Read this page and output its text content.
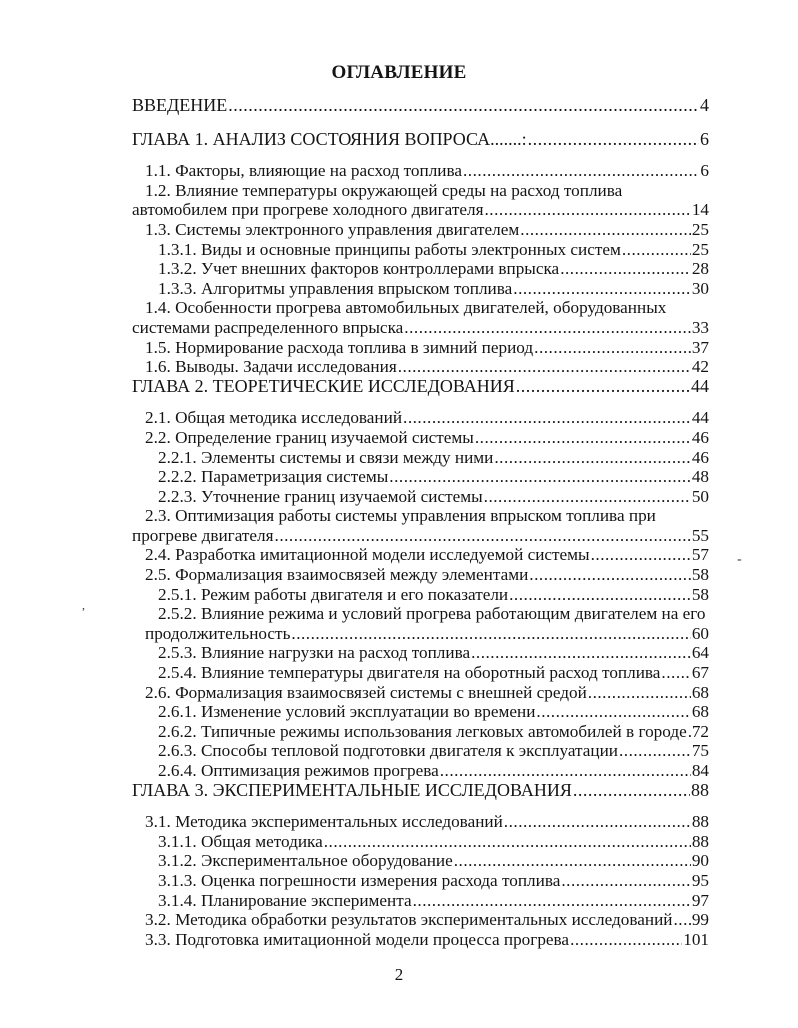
ОГЛАВЛЕНИЕ
ВВЕДЕНИЕ .....	4
ГЛАВА 1. АНАЛИЗ СОСТОЯНИЯ ВОПРОСА.......: .....	6
1.1. Факторы, влияющие на расход топлива .....	6
1.2. Влияние температуры окружающей среды на расход топлива
автомобилем при прогреве холодного двигателя .....	14
1.3. Системы электронного управления двигателем .....	25
1.3.1. Виды и основные принципы работы электронных систем .....	25
1.3.2. Учет внешних факторов контроллерами впрыска .....	28
1.3.3. Алгоритмы управления впрыском топлива .....	30
1.4. Особенности прогрева автомобильных двигателей, оборудованных
системами распределенного впрыска .....	33
1.5. Нормирование расхода топлива в зимний период .....	37
1.6. Выводы. Задачи исследования .....	42
ГЛАВА 2. ТЕОРЕТИЧЕСКИЕ ИССЛЕДОВАНИЯ .....	44
2.1. Общая методика исследований .....	44
2.2. Определение границ изучаемой системы .....	46
2.2.1. Элементы системы и связи между ними .....	46
2.2.2. Параметризация системы .....	48
2.2.3. Уточнение границ изучаемой системы .....	50
2.3. Оптимизация работы системы управления впрыском топлива при
прогреве двигателя .....	55
2.4. Разработка имитационной модели исследуемой системы .....	57
2.5. Формализация взаимосвязей между элементами .....	58
2.5.1. Режим работы двигателя и его показатели .....	58
2.5.2. Влияние режима и условий прогрева работающим двигателем на его
продолжительность .....	60
2.5.3. Влияние нагрузки на расход топлива .....	64
2.5.4. Влияние температуры двигателя на оборотный расход топлива ..... 67
2.6. Формализация взаимосвязей системы с внешней средой .....	68
2.6.1. Изменение условий эксплуатации во времени .....	68
2.6.2. Типичные режимы использования легковых автомобилей в городе ..... 72
2.6.3. Способы тепловой подготовки двигателя к эксплуатации .....	75
2.6.4. Оптимизация режимов прогрева .....	84
ГЛАВА 3. ЭКСПЕРИМЕНТАЛЬНЫЕ ИССЛЕДОВАНИЯ .....	88
3.1. Методика экспериментальных исследований .....	88
3.1.1. Общая методика .....	88
3.1.2. Экспериментальное оборудование .....	90
3.1.3. Оценка погрешности измерения расхода топлива .....	95
3.1.4. Планирование эксперимента .....	97
3.2. Методика обработки результатов экспериментальных исследований ..... 99
3.3. Подготовка имитационной модели процесса прогрева .....	101
-
,
2
